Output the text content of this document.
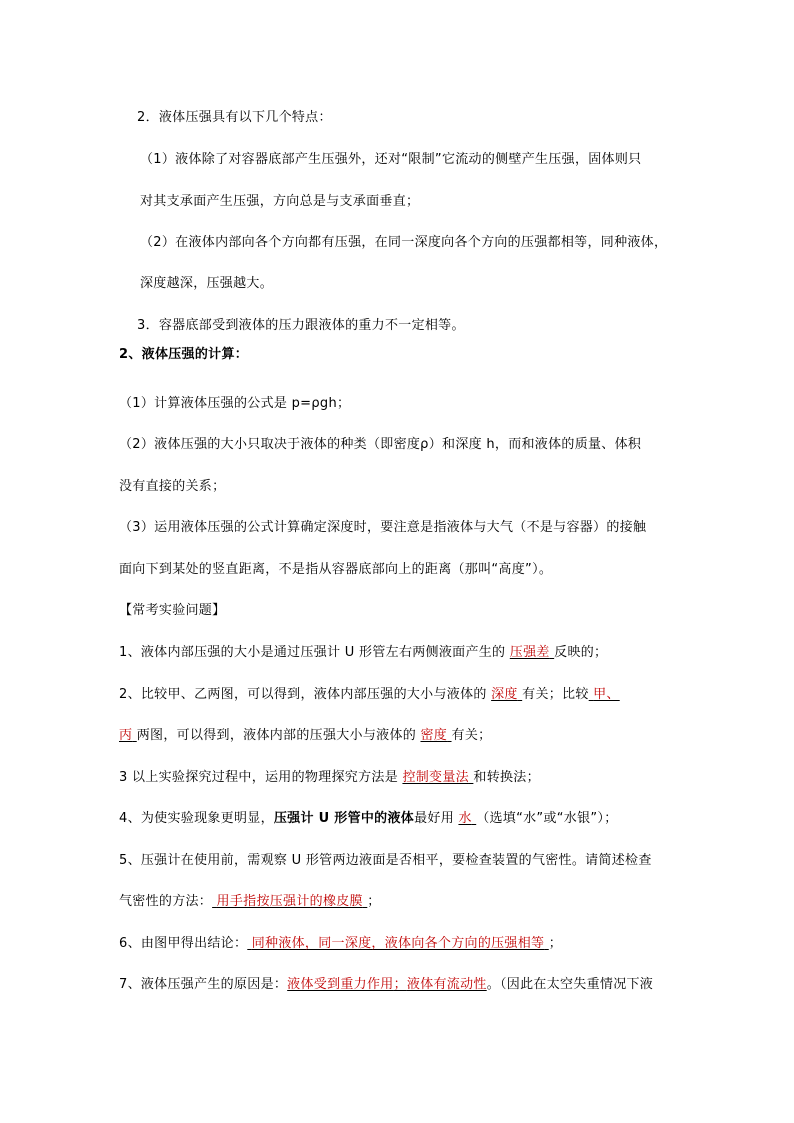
2．液体压强具有以下几个特点：
（1）液体除了对容器底部产生压强外，还对“限制”它流动的侧壁产生压强，固体则只
对其支承面产生压强，方向总是与支承面垂直；
（2）在液体内部向各个方向都有压强，在同一深度向各个方向的压强都相等，同种液体，
深度越深，压强越大。
3．容器底部受到液体的压力跟液体的重力不一定相等。
2、液体压强的计算：
（1）计算液体压强的公式是 p=ρgh；
（2）液体压强的大小只取决于液体的种类（即密度ρ）和深度 h，而和液体的质量、体积
没有直接的关系；
（3）运用液体压强的公式计算确定深度时，要注意是指液体与大气（不是与容器）的接触
面向下到某处的竖直距离，不是指从容器底部向上的距离（那叫“高度”）。
【常考实验问题】
1、液体内部压强的大小是通过压强计 U 形管左右两侧液面产生的 压强差 反映的；
2、比较甲、乙两图，可以得到，液体内部压强的大小与液体的 深度 有关；比较 甲、
丙 两图，可以得到，液体内部的压强大小与液体的 密度 有关；
3 以上实验探究过程中，运用的物理探究方法是 控制变量法 和转换法；
4、为使实验现象更明显，压强计 U 形管中的液体最好用 水 （选填“水”或“水银”）；
5、压强计在使用前，需观察 U 形管两边液面是否相平，要检查装置的气密性。请简述检查
气密性的方法： 用手指按压强计的橡皮膜 ；
6、由图甲得出结论： 同种液体，同一深度，液体向各个方向的压强相等 ；
7、液体压强产生的原因是：液体受到重力作用；液体有流动性。（因此在太空失重情况下液
